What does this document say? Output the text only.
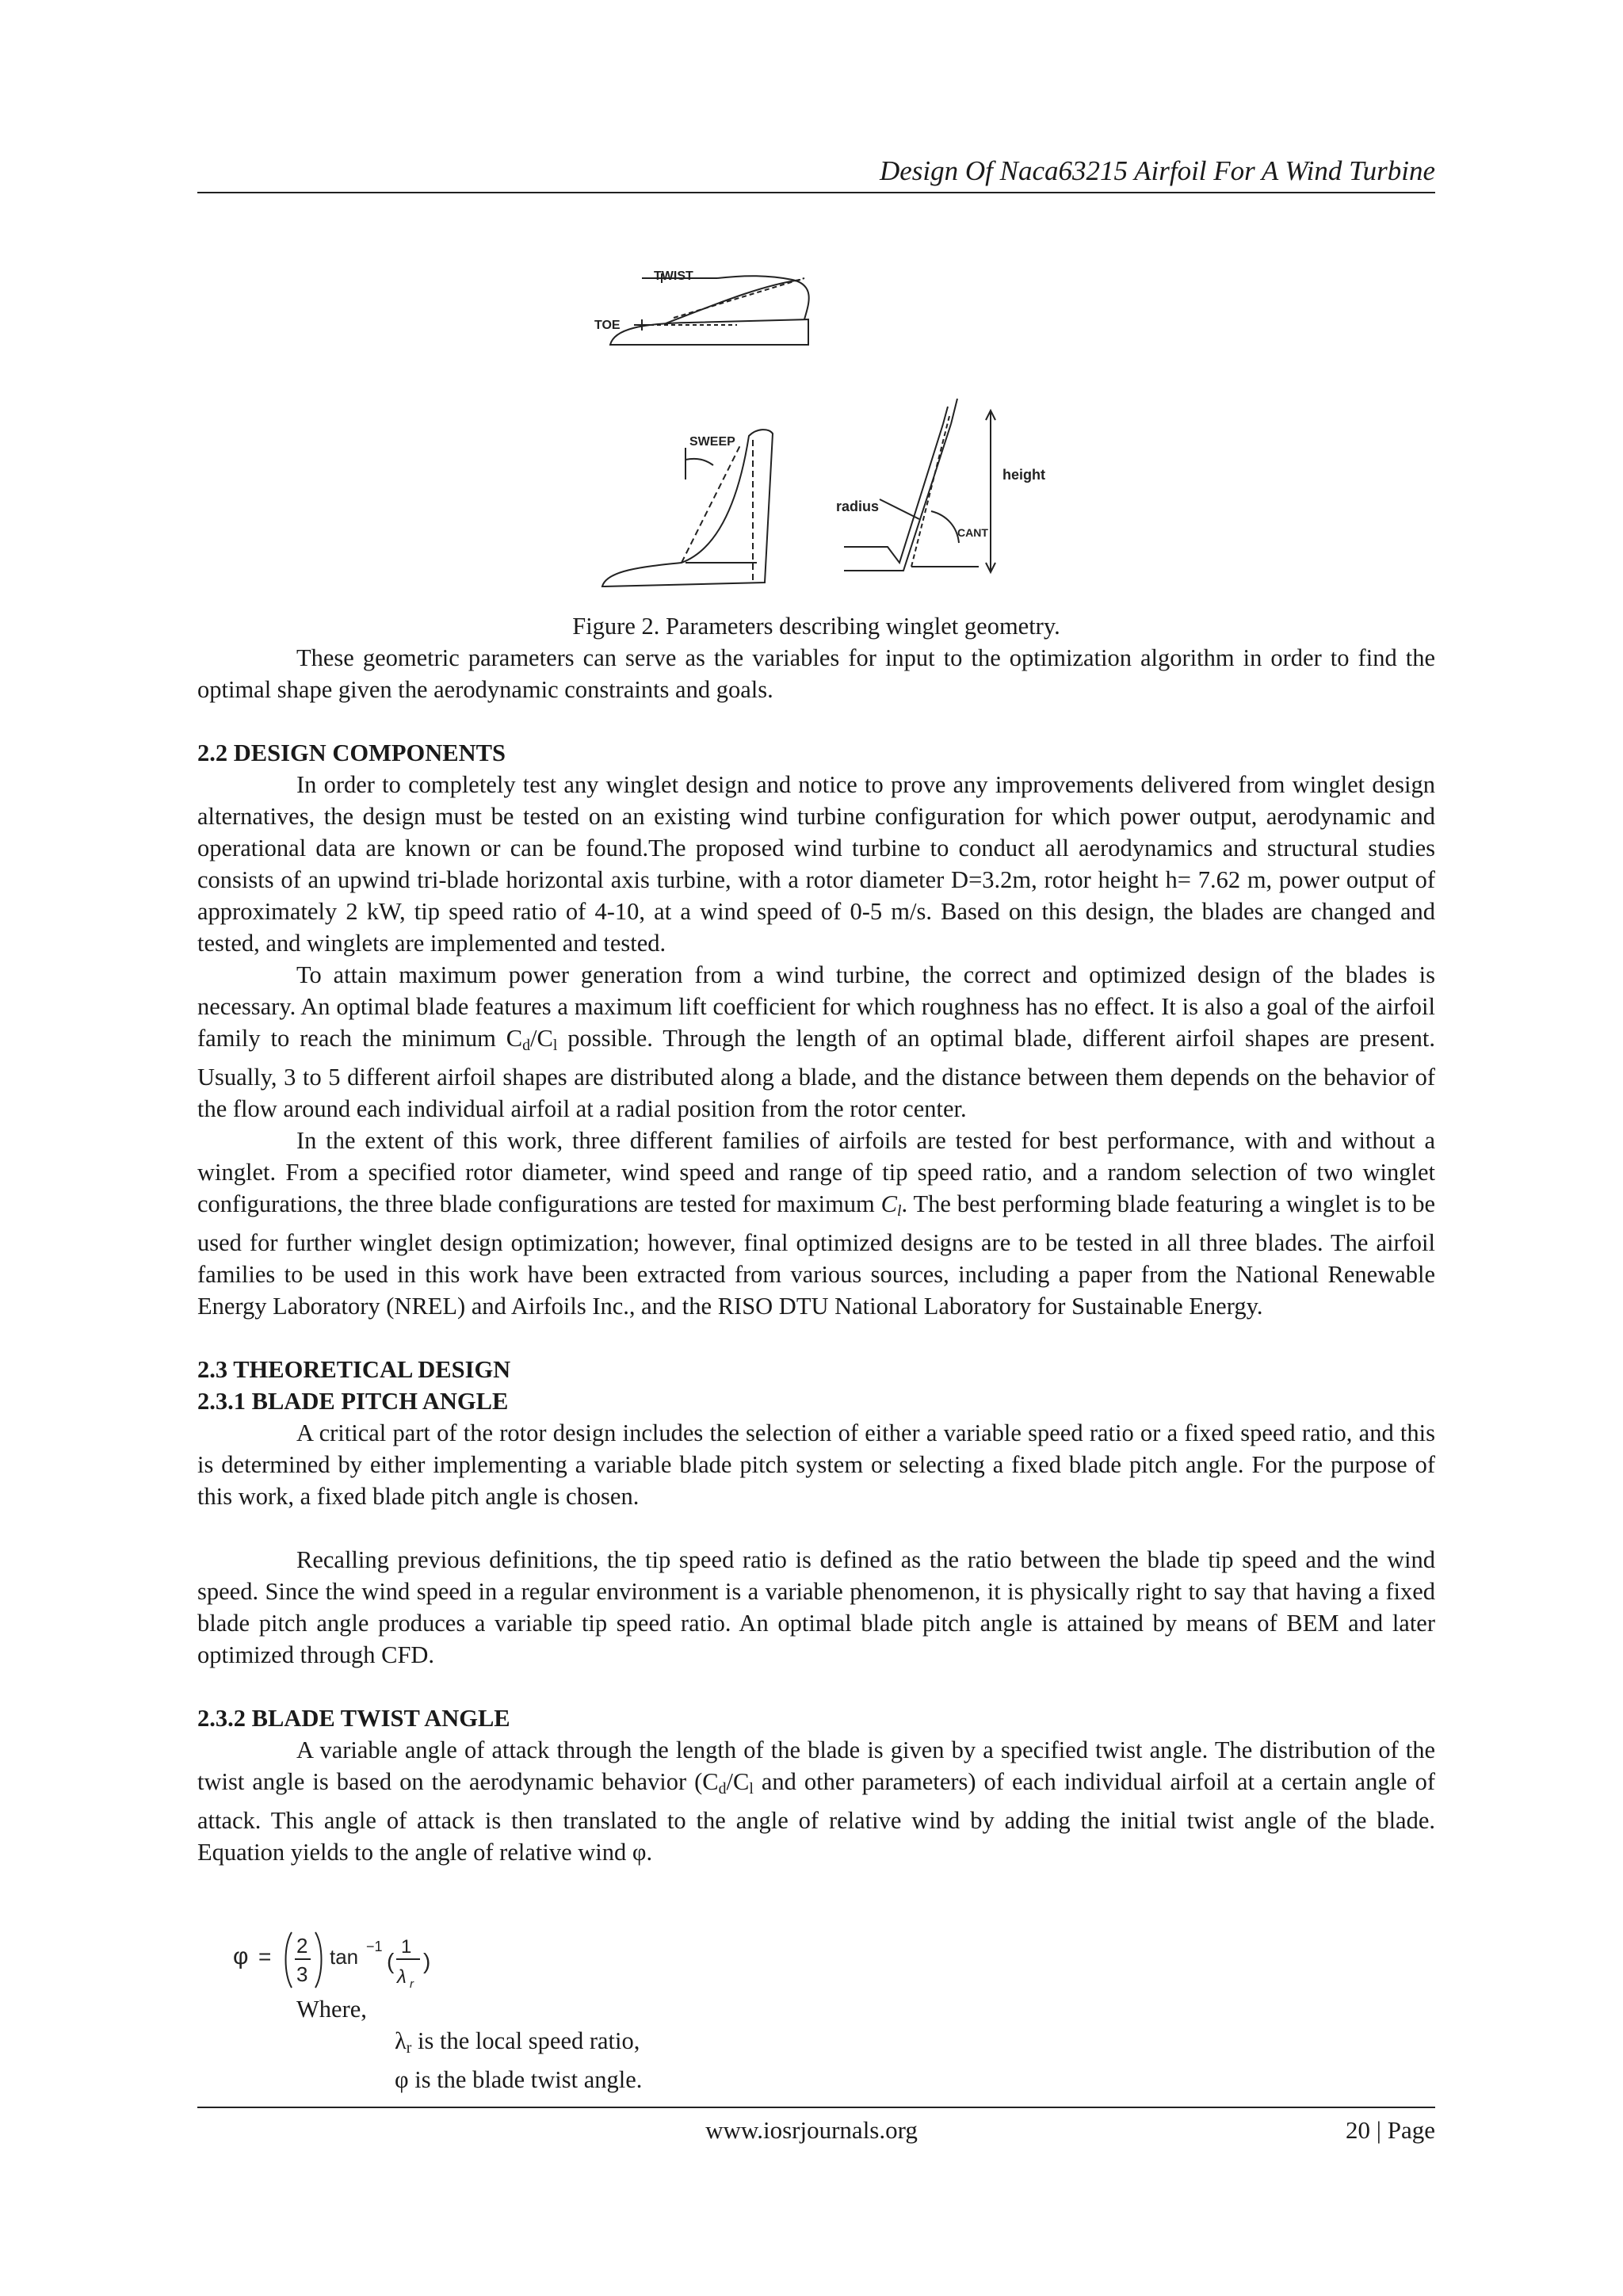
Design Of Naca63215 Airfoil For A Wind Turbine
TWIST
TOE
SWEEP
height
radius
CANT

Figure 2. Parameters describing winglet geometry.

These geometric parameters can serve as the variables for input to the optimization algorithm in order to find the optimal shape given the aerodynamic constraints and goals.

2.2 DESIGN COMPONENTS

In order to completely test any winglet design and notice to prove any improvements delivered from winglet design alternatives, the design must be tested on an existing wind turbine configuration for which power output, aerodynamic and operational data are known or can be found.The proposed wind turbine to conduct all aerodynamics and structural studies consists of an upwind tri-blade horizontal axis turbine, with a rotor diameter D=3.2m, rotor height h= 7.62 m, power output of approximately 2 kW, tip speed ratio of 4-10, at a wind speed of 0-5 m/s. Based on this design, the blades are changed and tested, and winglets are implemented and tested.

To attain maximum power generation from a wind turbine, the correct and optimized design of the blades is necessary. An optimal blade features a maximum lift coefficient for which roughness has no effect. It is also a goal of the airfoil family to reach the minimum $C_d/C_l$ possible. Through the length of an optimal blade, different airfoil shapes are present. Usually, 3 to 5 different airfoil shapes are distributed along a blade, and the distance between them depends on the behavior of the flow around each individual airfoil at a radial position from the rotor center.

In the extent of this work, three different families of airfoils are tested for best performance, with and without a winglet. From a specified rotor diameter, wind speed and range of tip speed ratio, and a random selection of two winglet configurations, the three blade configurations are tested for maximum $C_l$. The best performing blade featuring a winglet is to be used for further winglet design optimization; however, final optimized designs are to be tested in all three blades. The airfoil families to be used in this work have been extracted from various sources, including a paper from the National Renewable Energy Laboratory (NREL) and Airfoils Inc., and the RISO DTU National Laboratory for Sustainable Energy.

2.3 THEORETICAL DESIGN

2.3.1 BLADE PITCH ANGLE

A critical part of the rotor design includes the selection of either a variable speed ratio or a fixed speed ratio, and this is determined by either implementing a variable blade pitch system or selecting a fixed blade pitch angle. For the purpose of this work, a fixed blade pitch angle is chosen.

Recalling previous definitions, the tip speed ratio is defined as the ratio between the blade tip speed and the wind speed. Since the wind speed in a regular environment is a variable phenomenon, it is physically right to say that having a fixed blade pitch angle produces a variable tip speed ratio. An optimal blade pitch angle is attained by means of BEM and later optimized through CFD.

2.3.2 BLADE TWIST ANGLE

A variable angle of attack through the length of the blade is given by a specified twist angle. The distribution of the twist angle is based on the aerodynamic behavior ($C_d/C_l$ and other parameters) of each individual airfoil at a certain angle of attack. This angle of attack is then translated to the angle of relative wind by adding the initial twist angle of the blade. Equation yields to the angle of relative wind φ.

φ = 2
3
tan −1
(
1
λ r
)
Where,
$\lambda_r$ is the local speed ratio,
φ is the blade twist angle.
www.iosrjournals.org	20 | Page
